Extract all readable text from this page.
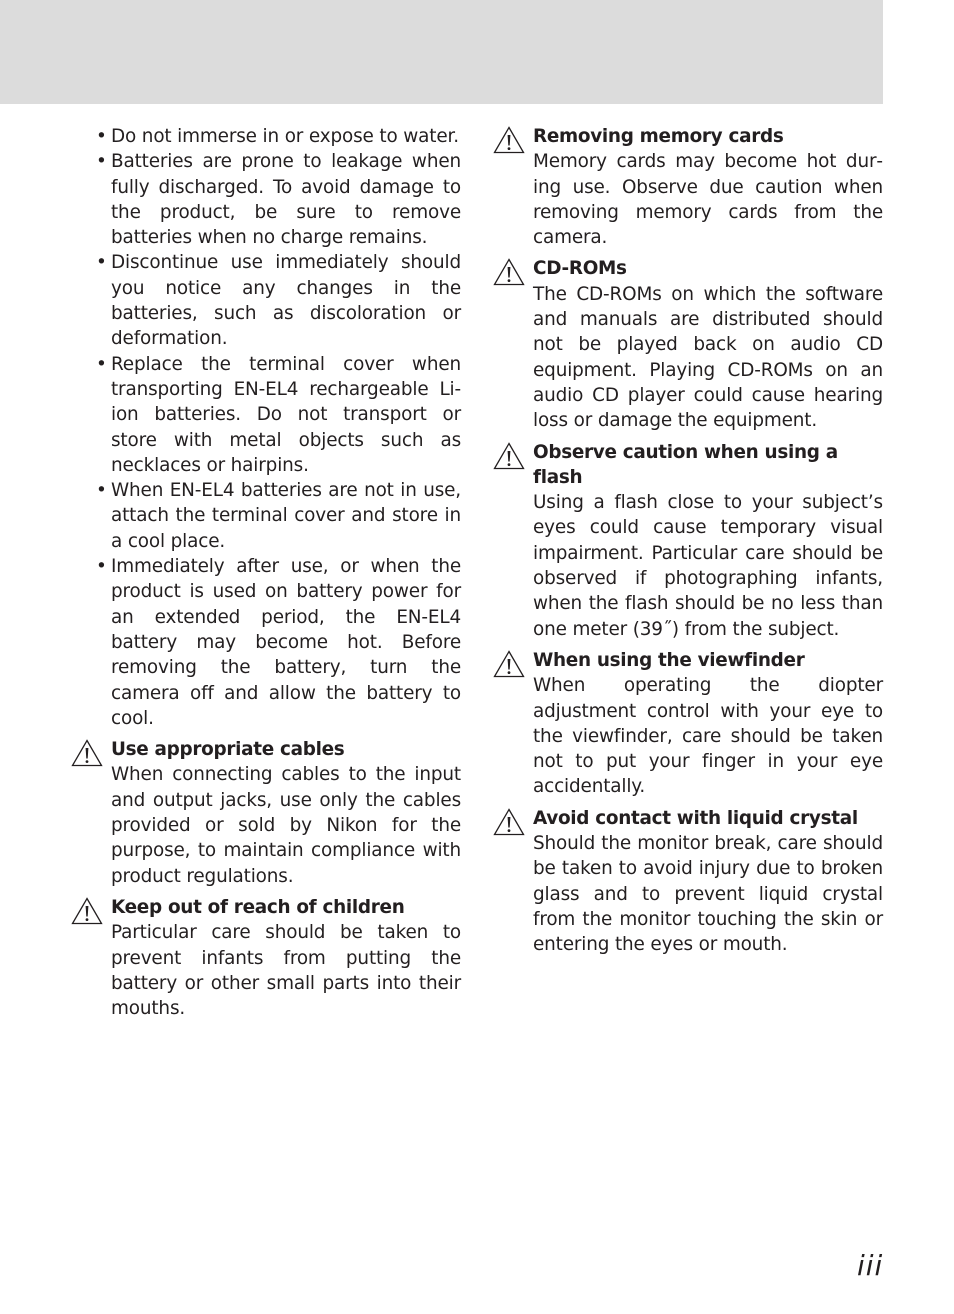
• Do not immerse in or expose to water.
• Batteries are prone to leakage when fully discharged. To avoid damage to the product, be sure to remove batteries when no charge remains.
• Discontinue use immediately should you notice any changes in the batteries, such as discoloration or deformation.
• Replace the terminal cover when transporting EN-EL4 rechargeable Li-ion batteries. Do not transport or store with metal objects such as necklaces or hairpins.
• When EN-EL4 batteries are not in use, attach the terminal cover and store in a cool place.
• Immediately after use, or when the product is used on battery power for an extended period, the EN-EL4 battery may become hot. Before removing the battery, turn the camera off and allow the battery to cool.

Use appropriate cables

When connecting cables to the input and output jacks, use only the cables provided or sold by Nikon for the purpose, to maintain compliance with product regulations.

Keep out of reach of children

Particular care should be taken to prevent infants from putting the battery or other small parts into their mouths.

Removing memory cards

Memory cards may become hot during use. Observe due caution when removing memory cards from the camera.

CD-ROMs

The CD-ROMs on which the software and manuals are distributed should not be played back on audio CD equipment. Playing CD-ROMs on an audio CD player could cause hearing loss or damage the equipment.

Observe caution when using a flash

Using a flash close to your subject’s eyes could cause temporary visual impairment. Particular care should be observed if photographing infants, when the flash should be no less than one meter (39˝) from the subject.

When using the viewfinder

When operating the diopter adjustment control with your eye to the viewfinder, care should be taken not to put your finger in your eye accidentally.

Avoid contact with liquid crystal

Should the monitor break, care should be taken to avoid injury due to broken glass and to prevent liquid crystal from the monitor touching the skin or entering the eyes or mouth.

iii
